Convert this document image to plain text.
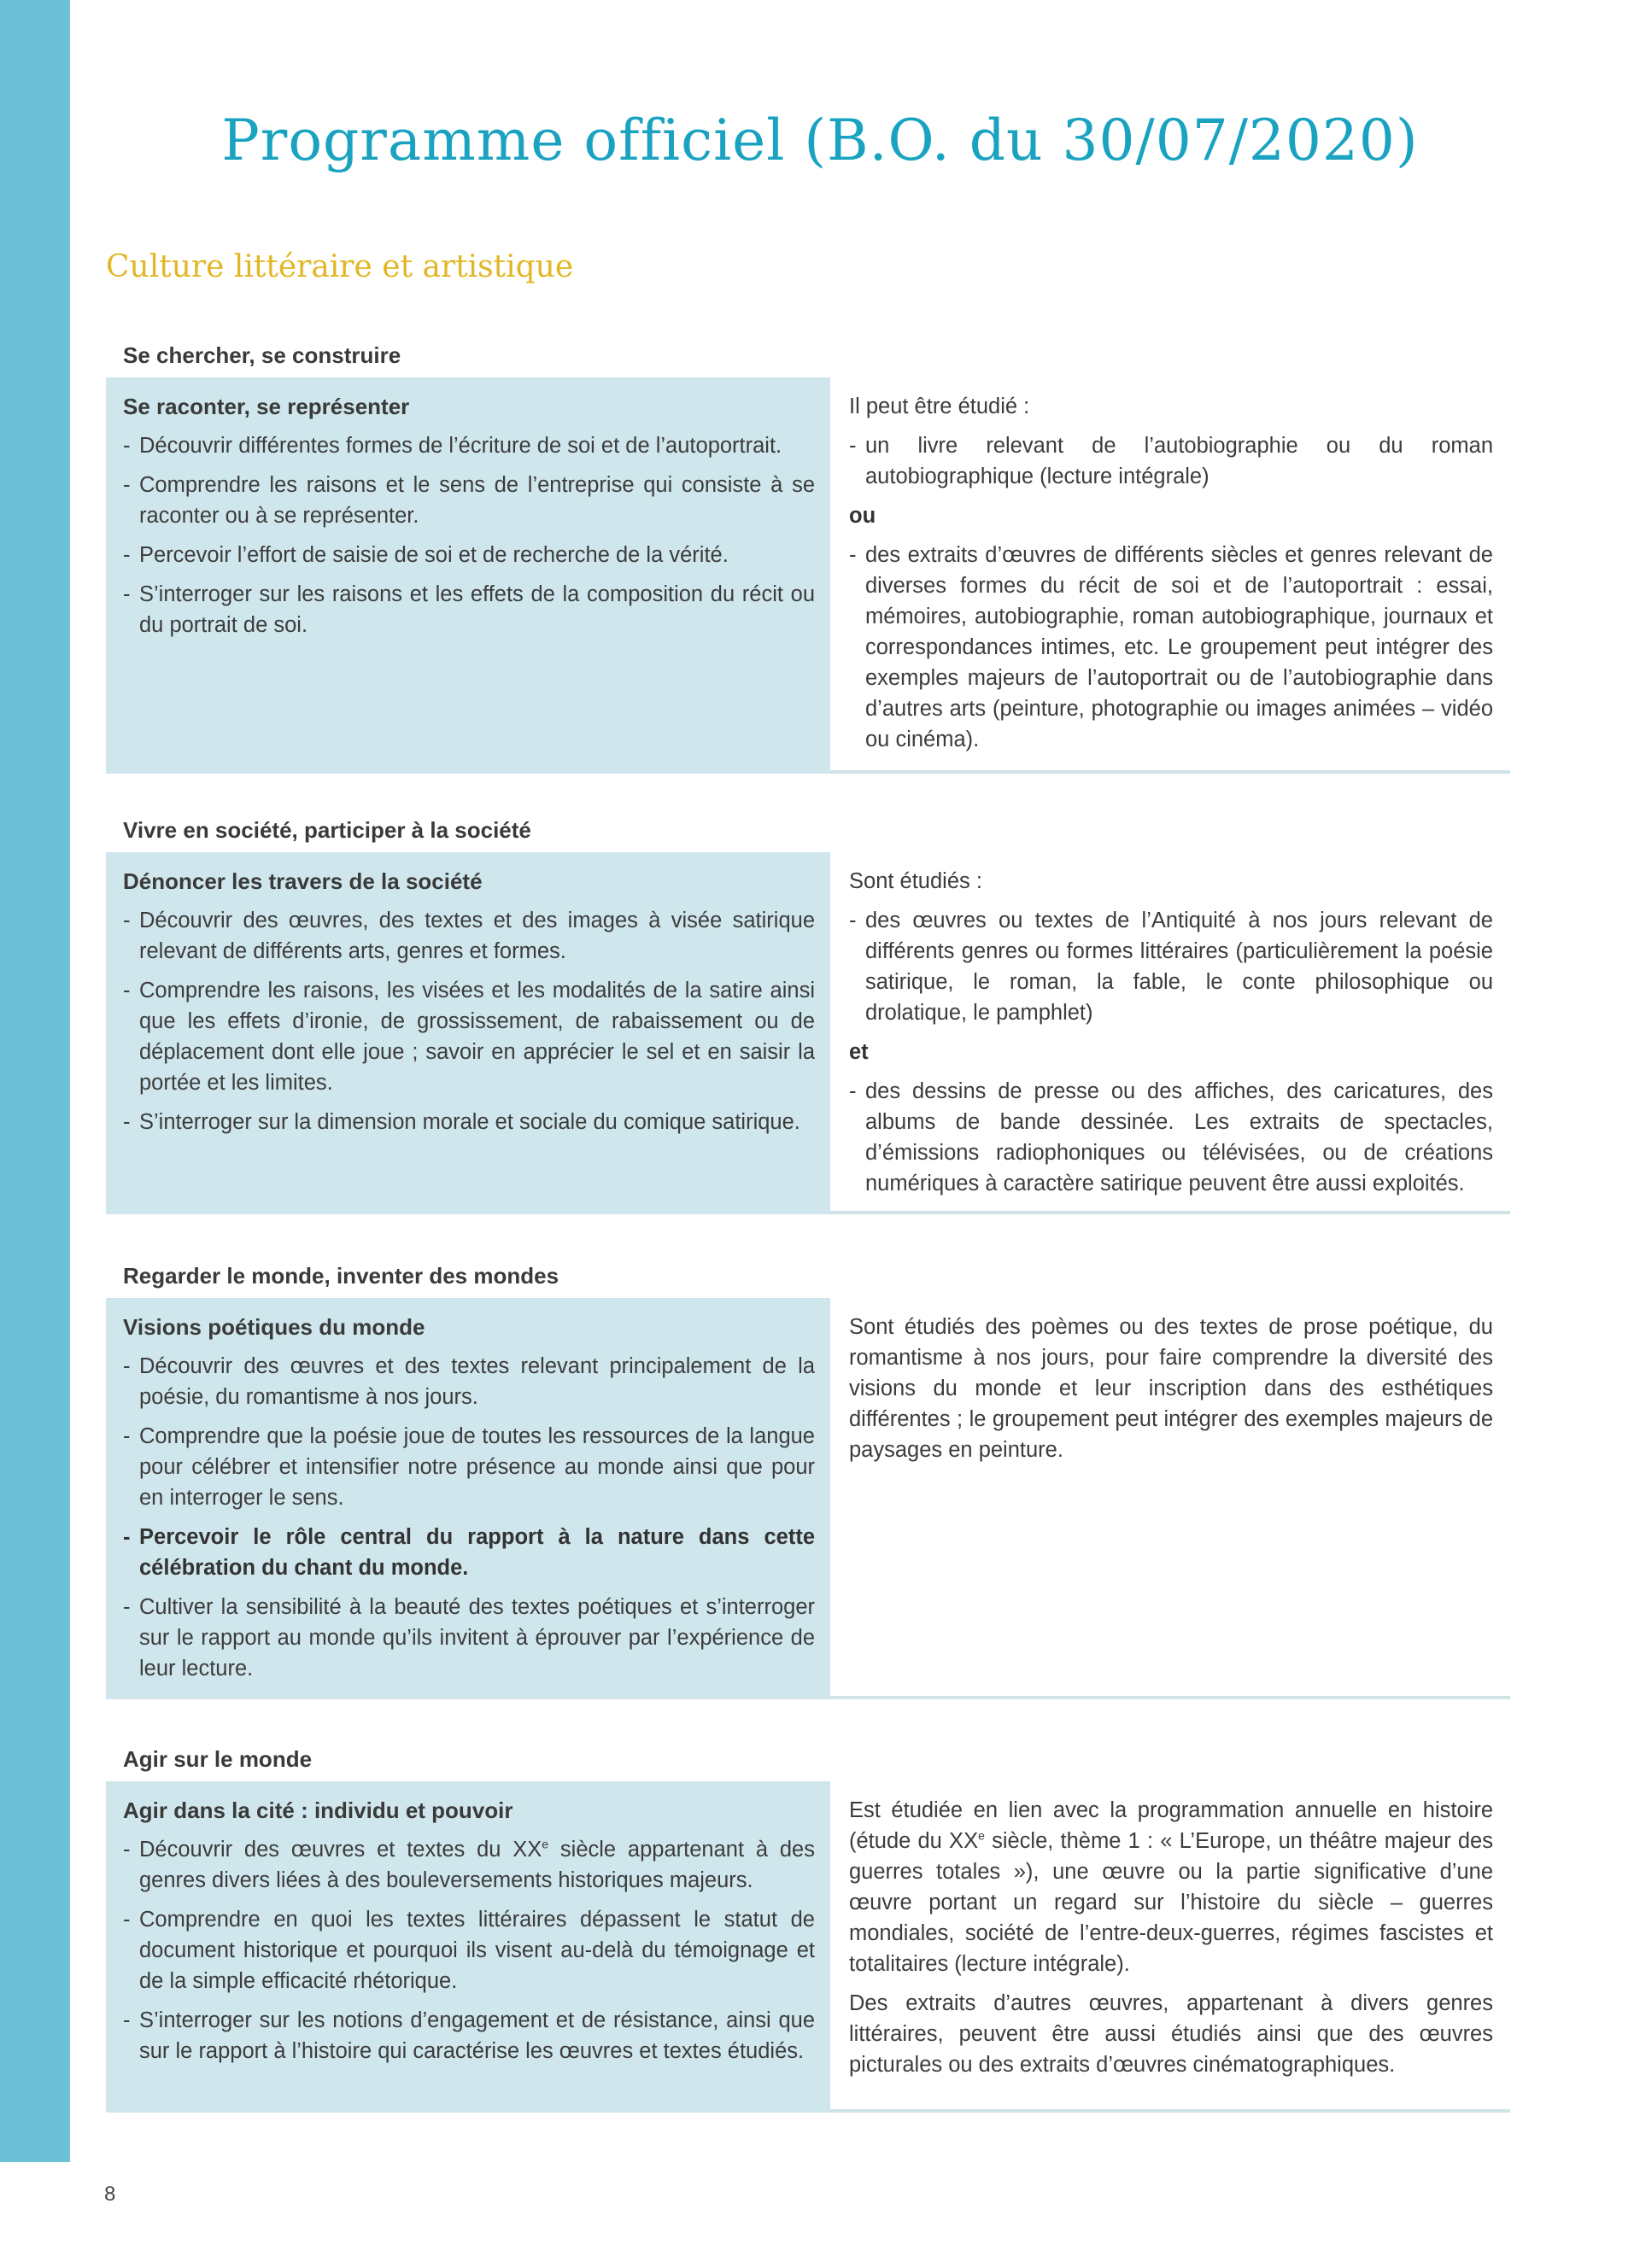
Programme officiel (B.O. du 30/07/2020)
Culture littéraire et artistique
Se chercher, se construire
Se raconter, se représenter
- Découvrir différentes formes de l’écriture de soi et de l’autoportrait.
- Comprendre les raisons et le sens de l’entreprise qui consiste à se raconter ou à se représenter.
- Percevoir l’effort de saisie de soi et de recherche de la vérité.
- S’interroger sur les raisons et les effets de la composition du récit ou du portrait de soi.
Il peut être étudié :
- un livre relevant de l’autobiographie ou du roman autobiographique (lecture intégrale)
ou
- des extraits d’œuvres de différents siècles et genres relevant de diverses formes du récit de soi et de l’autoportrait : essai, mémoires, autobiographie, roman autobiographique, journaux et correspondances intimes, etc. Le groupement peut intégrer des exemples majeurs de l’autoportrait ou de l’autobiographie dans d’autres arts (peinture, photographie ou images animées – vidéo ou cinéma).
Vivre en société, participer à la société
Dénoncer les travers de la société
- Découvrir des œuvres, des textes et des images à visée satirique relevant de différents arts, genres et formes.
- Comprendre les raisons, les visées et les modalités de la satire ainsi que les effets d’ironie, de grossissement, de rabaissement ou de déplacement dont elle joue ; savoir en apprécier le sel et en saisir la portée et les limites.
- S’interroger sur la dimension morale et sociale du comique satirique.
Sont étudiés :
- des œuvres ou textes de l’Antiquité à nos jours relevant de différents genres ou formes littéraires (particulièrement la poésie satirique, le roman, la fable, le conte philosophique ou drolatique, le pamphlet)
et
- des dessins de presse ou des affiches, des caricatures, des albums de bande dessinée. Les extraits de spectacles, d’émissions radiophoniques ou télévisées, ou de créations numériques à caractère satirique peuvent être aussi exploités.
Regarder le monde, inventer des mondes
Visions poétiques du monde
- Découvrir des œuvres et des textes relevant principalement de la poésie, du romantisme à nos jours.
- Comprendre que la poésie joue de toutes les ressources de la langue pour célébrer et intensifier notre présence au monde ainsi que pour en interroger le sens.
- Percevoir le rôle central du rapport à la nature dans cette célébration du chant du monde.
- Cultiver la sensibilité à la beauté des textes poétiques et s’interroger sur le rapport au monde qu’ils invitent à éprouver par l’expérience de leur lecture.
Sont étudiés des poèmes ou des textes de prose poétique, du romantisme à nos jours, pour faire comprendre la diversité des visions du monde et leur inscription dans des esthétiques différentes ; le groupement peut intégrer des exemples majeurs de paysages en peinture.
Agir sur le monde
Agir dans la cité : individu et pouvoir
- Découvrir des œuvres et textes du XXe siècle appartenant à des genres divers liées à des bouleversements historiques majeurs.
- Comprendre en quoi les textes littéraires dépassent le statut de document historique et pourquoi ils visent au-delà du témoignage et de la simple efficacité rhétorique.
- S’interroger sur les notions d’engagement et de résistance, ainsi que sur le rapport à l’histoire qui caractérise les œuvres et textes étudiés.
Est étudiée en lien avec la programmation annuelle en histoire (étude du XXe siècle, thème 1 : « L’Europe, un théâtre majeur des guerres totales »), une œuvre ou la partie significative d’une œuvre portant un regard sur l’histoire du siècle – guerres mondiales, société de l’entre-deux-guerres, régimes fascistes et totalitaires (lecture intégrale).
Des extraits d’autres œuvres, appartenant à divers genres littéraires, peuvent être aussi étudiés ainsi que des œuvres picturales ou des extraits d’œuvres cinématographiques.
8
